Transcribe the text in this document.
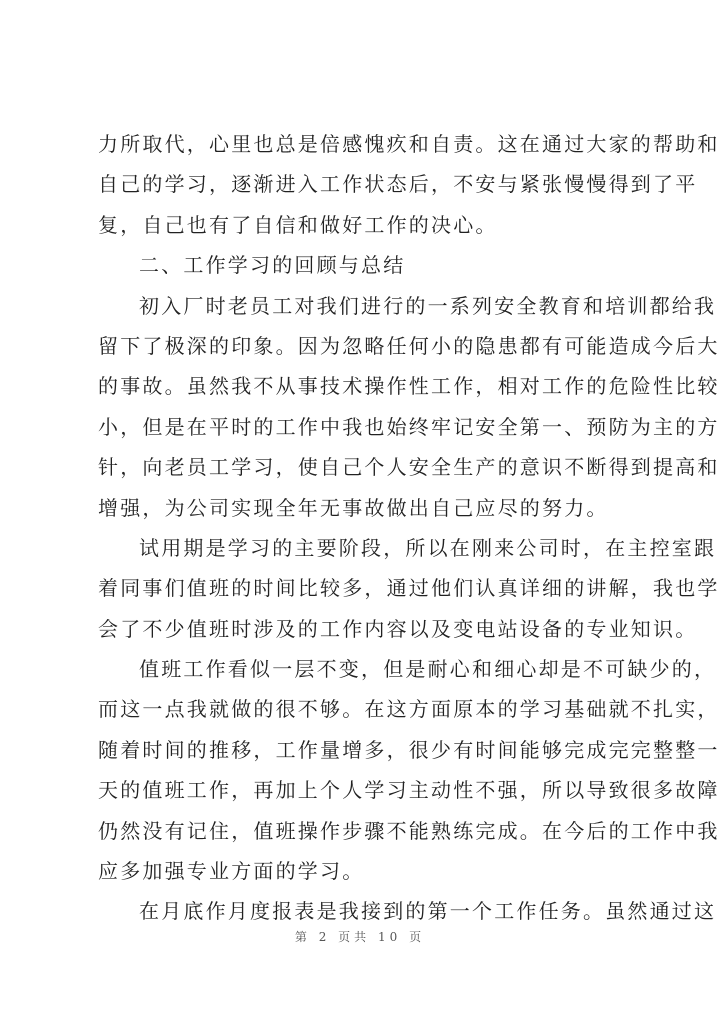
力所取代，心里也总是倍感愧疚和自责。这在通过大家的帮助和
自己的学习，逐渐进入工作状态后，不安与紧张慢慢得到了平
复，自己也有了自信和做好工作的决心。
二、工作学习的回顾与总结
初入厂时老员工对我们进行的一系列安全教育和培训都给我
留下了极深的印象。因为忽略任何小的隐患都有可能造成今后大
的事故。虽然我不从事技术操作性工作，相对工作的危险性比较
小，但是在平时的工作中我也始终牢记安全第一、预防为主的方
针，向老员工学习，使自己个人安全生产的意识不断得到提高和
增强，为公司实现全年无事故做出自己应尽的努力。
试用期是学习的主要阶段，所以在刚来公司时，在主控室跟
着同事们值班的时间比较多，通过他们认真详细的讲解，我也学
会了不少值班时涉及的工作内容以及变电站设备的专业知识。
值班工作看似一层不变，但是耐心和细心却是不可缺少的，
而这一点我就做的很不够。在这方面原本的学习基础就不扎实，
随着时间的推移，工作量增多，很少有时间能够完成完完整整一
天的值班工作，再加上个人学习主动性不强，所以导致很多故障
仍然没有记住，值班操作步骤不能熟练完成。在今后的工作中我
应多加强专业方面的学习。
在月底作月度报表是我接到的第一个工作任务。虽然通过这
第 2 页共 10 页
